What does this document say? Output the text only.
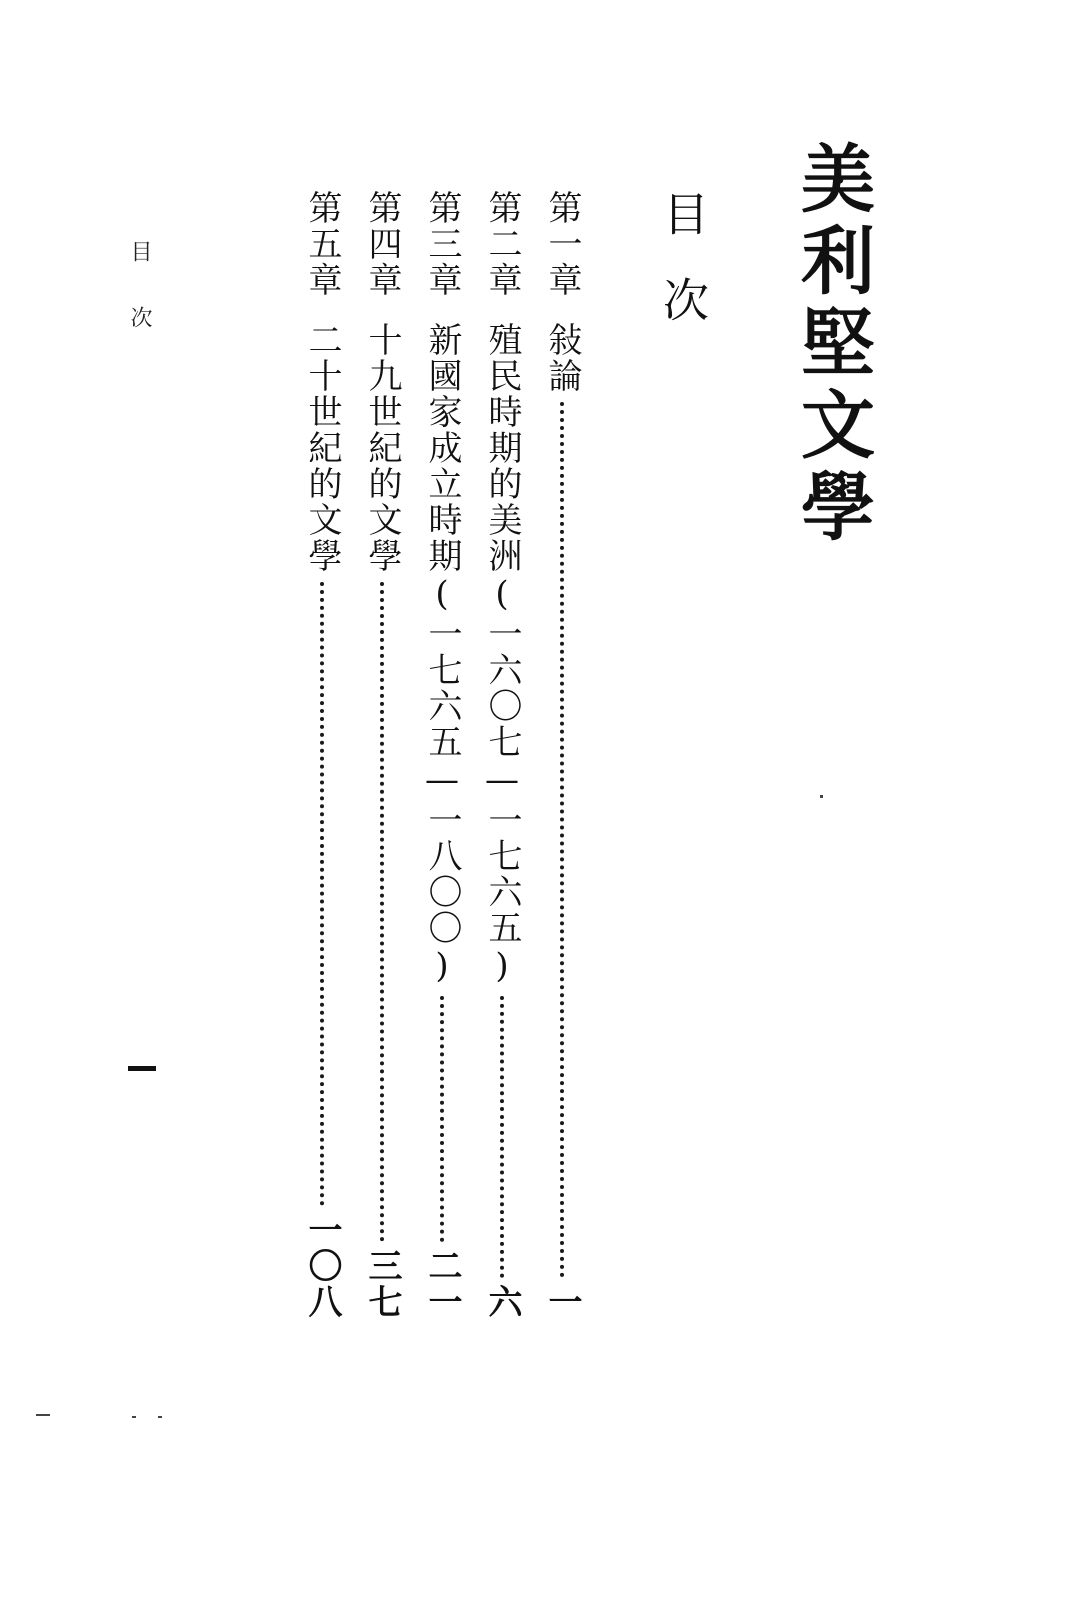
美利堅文學
目次
第一章
敍論
一
第二章
殖民時期的美洲(一六〇七—一七六五)
六
第三章
新國家成立時期(一七六五—一八〇〇)
二一
第四章
十九世紀的文學
三七
第五章
二十世紀的文學
一〇八
目次
